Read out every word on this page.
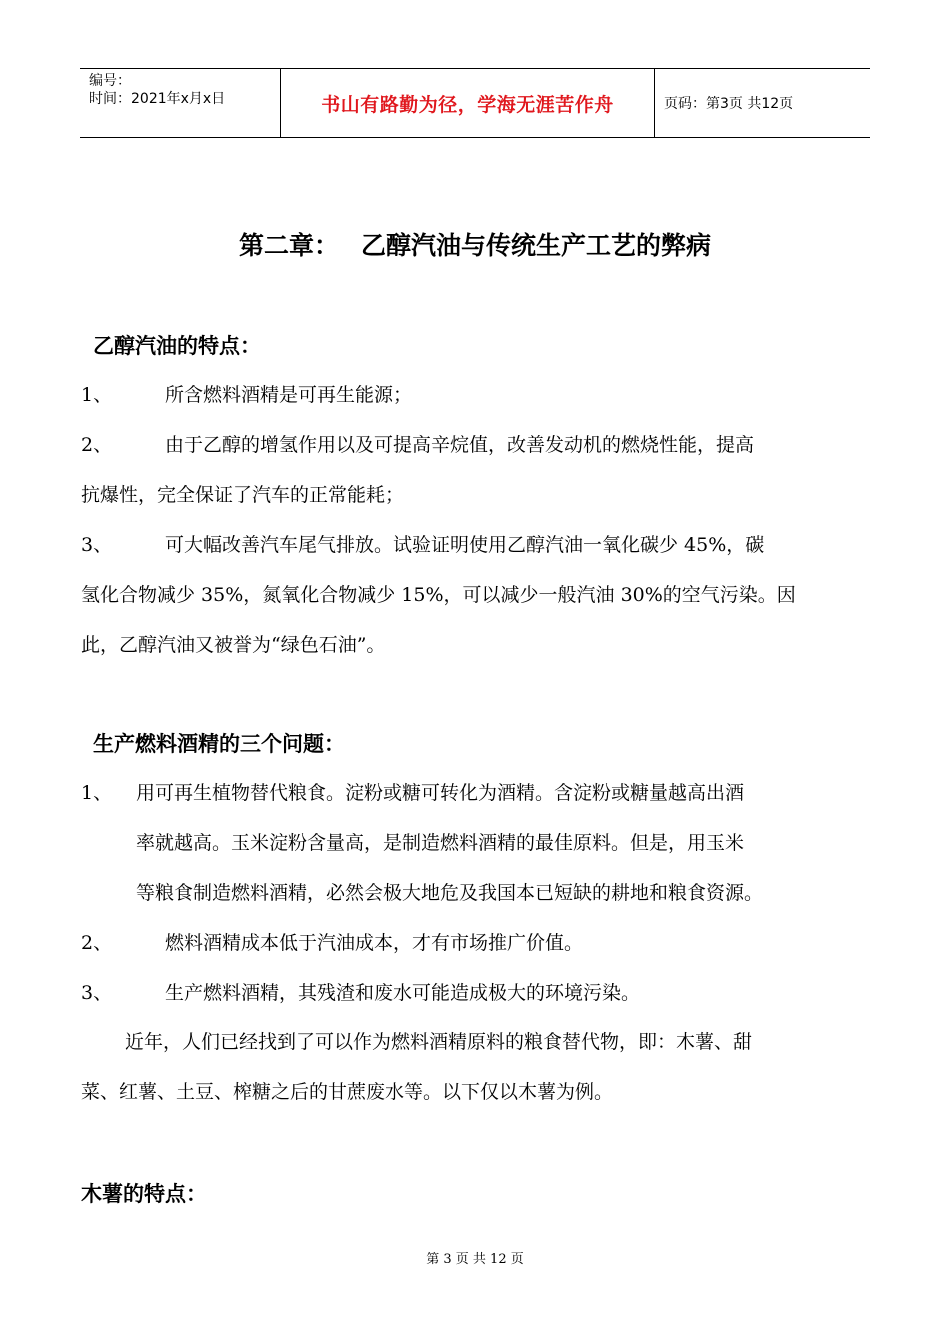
编号：
时间：2021年x月x日	书山有路勤为径，学海无涯苦作舟	页码：第3页 共12页
第二章： 乙醇汽油与传统生产工艺的弊病
乙醇汽油的特点：
1、	所含燃料酒精是可再生能源；
2、	由于乙醇的增氢作用以及可提高辛烷值，改善发动机的燃烧性能，提高
抗爆性，完全保证了汽车的正常能耗；
3、	可大幅改善汽车尾气排放。试验证明使用乙醇汽油一氧化碳少 45%，碳
氢化合物减少 35%，氮氧化合物减少 15%，可以减少一般汽油 30%的空气污染。因
此，乙醇汽油又被誉为“绿色石油”。
生产燃料酒精的三个问题：
1、 用可再生植物替代粮食。淀粉或糖可转化为酒精。含淀粉或糖量越高出酒
率就越高。玉米淀粉含量高，是制造燃料酒精的最佳原料。但是，用玉米
等粮食制造燃料酒精，必然会极大地危及我国本已短缺的耕地和粮食资源。
2、	燃料酒精成本低于汽油成本，才有市场推广价值。
3、	生产燃料酒精，其残渣和废水可能造成极大的环境污染。
近年，人们已经找到了可以作为燃料酒精原料的粮食替代物，即：木薯、甜
菜、红薯、土豆、榨糖之后的甘蔗废水等。以下仅以木薯为例。
木薯的特点：
第 3 页 共 12 页
